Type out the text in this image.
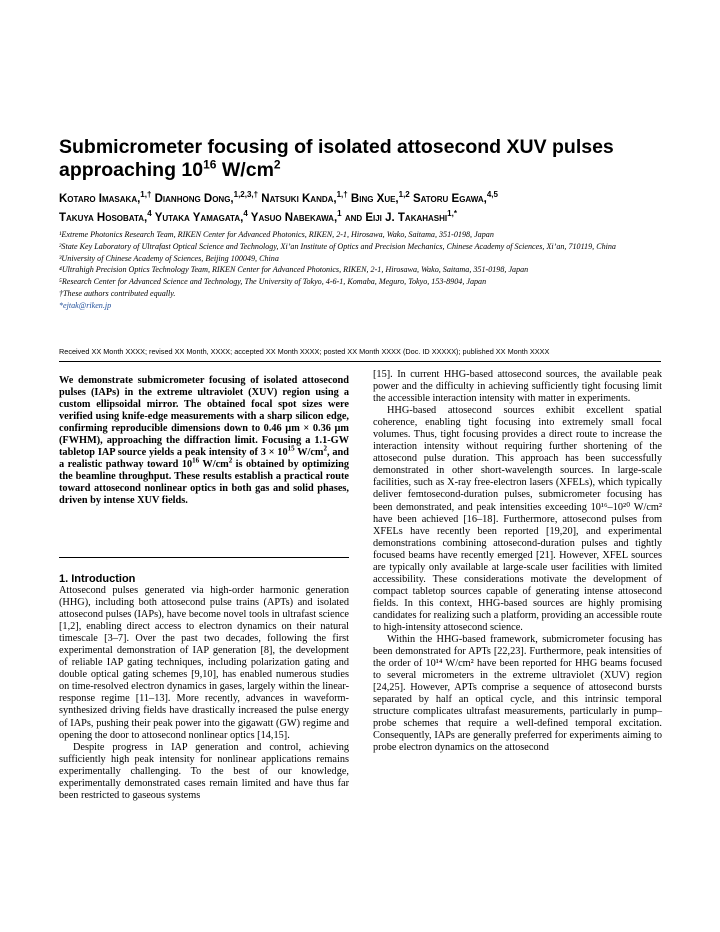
Submicrometer focusing of isolated attosecond XUV pulses approaching $10^{16}$ $W/cm^2$
Kotaro Imasaka,$^{1,\dagger}$ Dianhong Dong,$^{1,2,3,\dagger}$ Natsuki Kanda,$^{1,\dagger}$ Bing Xue,$^{1,2}$ Satoru Egawa,$^{4,5}$
Takuya Hosobata,$^4$ Yutaka Yamagata,$^4$ Yasuo Nabekawa,$^1$ and Eiji J. Takahashi$^{1,*}$
¹Extreme Photonics Research Team, RIKEN Center for Advanced Photonics, RIKEN, 2-1, Hirosawa, Wako, Saitama, 351-0198, Japan
²State Key Laboratory of Ultrafast Optical Science and Technology, Xi’an Institute of Optics and Precision Mechanics, Chinese Academy of Sciences, Xi’an, 710119, China
³University of Chinese Academy of Sciences, Beijing 100049, China
⁴Ultrahigh Precision Optics Technology Team, RIKEN Center for Advanced Photonics, RIKEN, 2-1, Hirosawa, Wako, Saitama, 351-0198, Japan
⁵Research Center for Advanced Science and Technology, The University of Tokyo, 4-6-1, Komaba, Meguro, Tokyo, 153-8904, Japan
†These authors contributed equally.
*ejtak@riken.jp
Received XX Month XXXX; revised XX Month, XXXX; accepted XX Month XXXX; posted XX Month XXXX (Doc. ID XXXXX); published XX Month XXXX
We demonstrate submicrometer focusing of isolated attosecond pulses (IAPs) in the extreme ultraviolet (XUV) region using a custom ellipsoidal mirror. The obtained focal spot sizes were verified using knife-edge measurements with a sharp silicon edge, confirming reproducible dimensions down to 0.46 µm × 0.36 µm (FWHM), approaching the diffraction limit. Focusing a 1.1-GW tabletop IAP source yields a peak intensity of $3 \times 10^{15}$ $W/cm^2$, and a realistic pathway toward $10^{16}$ $W/cm^2$ is obtained by optimizing the beamline throughput. These results establish a practical route toward attosecond nonlinear optics in both gas and solid phases, driven by intense XUV fields.
1. Introduction

Attosecond pulses generated via high-order harmonic generation (HHG), including both attosecond pulse trains (APTs) and isolated attosecond pulses (IAPs), have become novel tools in ultrafast science [1,2], enabling direct access to electron dynamics on their natural timescale [3–7]. Over the past two decades, following the first experimental demonstration of IAP generation [8], the development of reliable IAP gating techniques, including polarization gating and double optical gating schemes [9,10], has enabled numerous studies on time-resolved electron dynamics in gases, largely within the linear-response regime [11–13]. More recently, advances in waveform-synthesized driving fields have drastically increased the pulse energy of IAPs, pushing their peak power into the gigawatt (GW) regime and opening the door to attosecond nonlinear optics [14,15].

Despite progress in IAP generation and control, achieving sufficiently high peak intensity for nonlinear applications remains experimentally challenging. To the best of our knowledge, experimentally demonstrated cases remain limited and have thus far been restricted to gaseous systems

[15]. In current HHG-based attosecond sources, the available peak power and the difficulty in achieving sufficiently tight focusing limit the accessible interaction intensity with matter in experiments.

HHG-based attosecond sources exhibit excellent spatial coherence, enabling tight focusing into extremely small focal volumes. Thus, tight focusing provides a direct route to increase the interaction intensity without requiring further shortening of the attosecond pulse duration. This approach has been successfully demonstrated in other short-wavelength sources. In large-scale facilities, such as X-ray free-electron lasers (XFELs), which typically deliver femtosecond-duration pulses, submicrometer focusing has been demonstrated, and peak intensities exceeding 10¹⁶–10²⁰ W/cm² have been achieved [16–18]. Furthermore, attosecond pulses from XFELs have recently been reported [19,20], and experimental demonstrations combining attosecond-duration pulses and tightly focused beams have recently emerged [21]. However, XFEL sources are typically only available at large-scale user facilities with limited accessibility. These considerations motivate the development of compact tabletop sources capable of generating intense attosecond fields. In this context, HHG-based sources are highly promising candidates for realizing such a platform, providing an accessible route to high-intensity attosecond science.

Within the HHG-based framework, submicrometer focusing has been demonstrated for APTs [22,23]. Furthermore, peak intensities of the order of 10¹⁴ W/cm² have been reported for HHG beams focused to several micrometers in the extreme ultraviolet (XUV) region [24,25]. However, APTs comprise a sequence of attosecond bursts separated by half an optical cycle, and this intrinsic temporal structure complicates ultrafast measurements, particularly in pump–probe schemes that require a well-defined temporal excitation. Consequently, IAPs are generally preferred for experiments aiming to probe electron dynamics on the attosecond
